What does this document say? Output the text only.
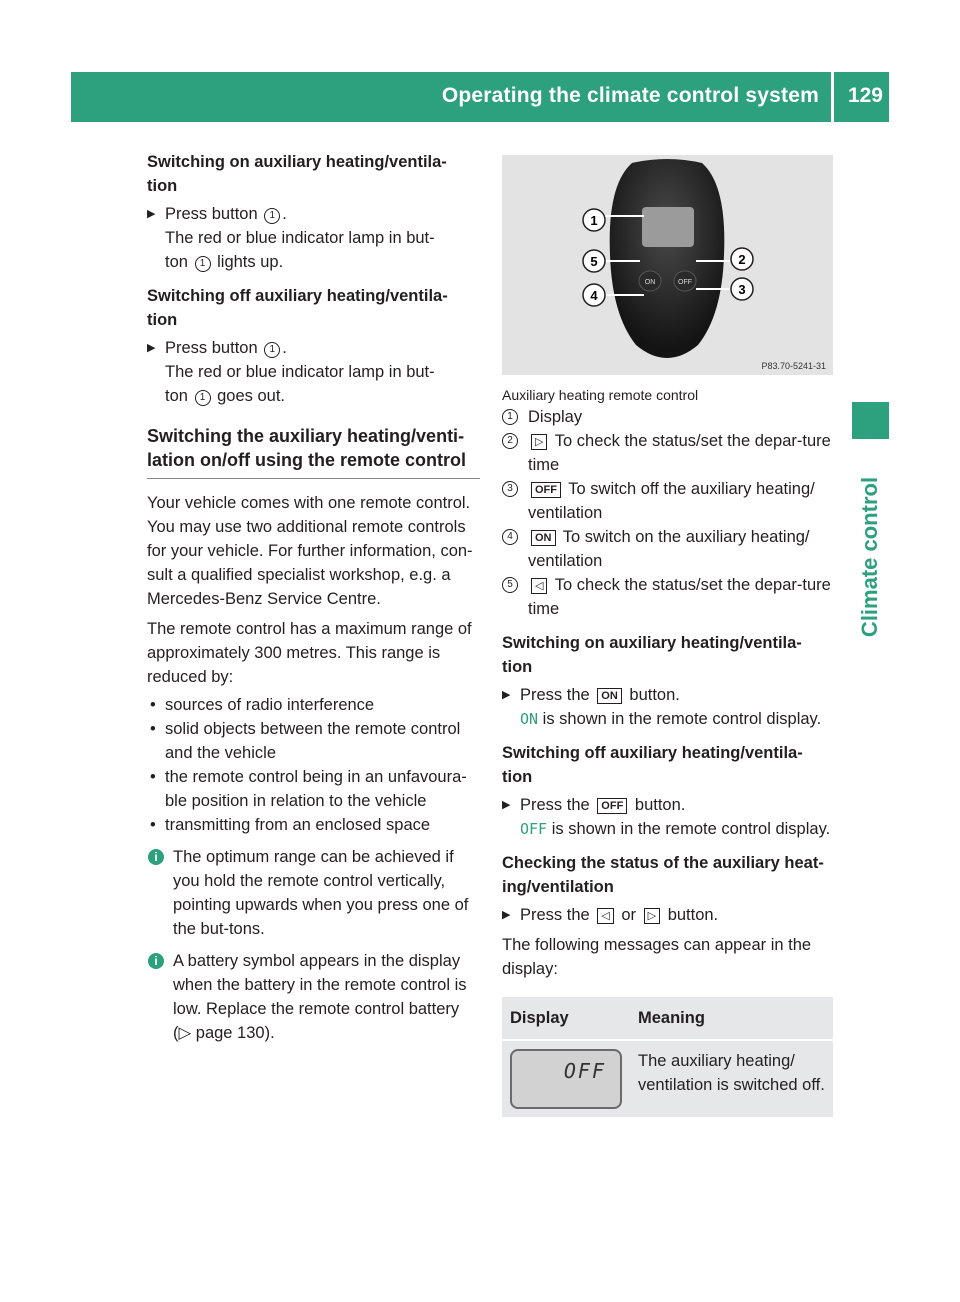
Operating the climate control system 129
Climate control
Switching on auxiliary heating/ventila-
tion
▶ Press button 1 .
The red or blue indicator lamp in but-
ton 1 lights up.
Switching off auxiliary heating/ventila-
tion
▶ Press button 1 .
The red or blue indicator lamp in but-
ton 1 goes out.
Switching the auxiliary heating/venti-
lation on/off using the remote control
Your vehicle comes with one remote control. You may use two additional remote controls for your vehicle. For further information, con-sult a qualified specialist workshop, e.g. a Mercedes-Benz Service Centre.
The remote control has a maximum range of approximately 300 metres. This range is reduced by:
• sources of radio interference
• solid objects between the remote control and the vehicle
• the remote control being in an unfavoura-ble position in relation to the vehicle
• transmitting from an enclosed space
i The optimum range can be achieved if you hold the remote control vertically, pointing upwards when you press one of the but-tons.
i A battery symbol appears in the display when the battery in the remote control is low. Replace the remote control battery
(▷ page 130).
ON	OFF
1
5
4
2
3
P83.70-5241-31
Auxiliary heating remote control
1 Display
2	▷ To check the status/set the depar-ture time
3	OFF To switch off the auxiliary heating/ ventilation
4	ON To switch on the auxiliary heating/ ventilation
5	◁ To check the status/set the depar-ture time
Switching on auxiliary heating/ventila-
tion
▶ Press the ON button.
ON is shown in the remote control display.
Switching off auxiliary heating/ventila-
tion
▶ Press the OFF button.
OFF is shown in the remote control display.
Checking the status of the auxiliary heat-
ing/ventilation
▶ Press the ◁ or ▷ button.
The following messages can appear in the display:
Display	Meaning

OFF	The auxiliary heating/ ventilation is switched off.
